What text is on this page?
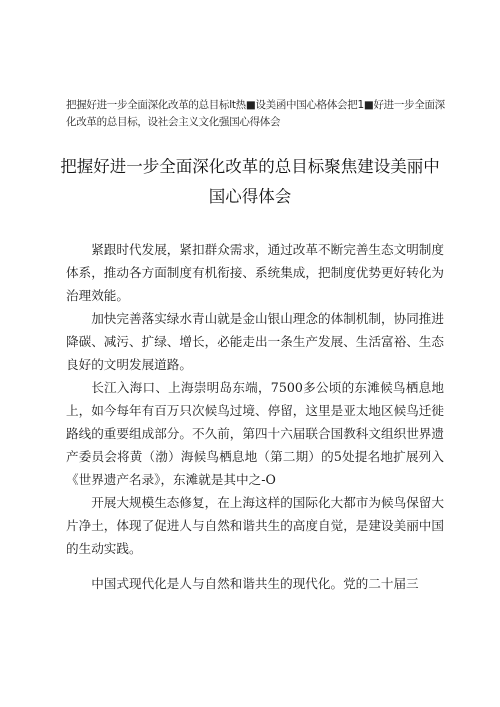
把握好进一步全面深化改革的总目标lt热■设美函中国心格体会把1■好进一步全面深化改革的总目标，设社会主义文化强国心得体会
把握好进一步全面深化改革的总目标聚焦建设美丽中国心得体会

紧跟时代发展，紧扣群众需求，通过改革不断完善生态文明制度体系，推动各方面制度有机衔接、系统集成，把制度优势更好转化为治理效能。

加快完善落实绿水青山就是金山银山理念的体制机制，协同推进降碳、减污、扩绿、增长，必能走出一条生产发展、生活富裕、生态良好的文明发展道路。

长江入海口、上海崇明岛东端，7500多公顷的东滩候鸟栖息地上，如今每年有百万只次候鸟过境、停留，这里是亚太地区候鸟迁徙路线的重要组成部分。不久前，第四十六届联合国教科文组织世界遗产委员会将黄（渤）海候鸟栖息地（第二期）的5处提名地扩展列入《世界遗产名录》，东滩就是其中之-O

开展大规模生态修复，在上海这样的国际化大都市为候鸟保留大片净土，体现了促进人与自然和谐共生的高度自觉，是建设美丽中国的生动实践。

中国式现代化是人与自然和谐共生的现代化。党的二十届三
